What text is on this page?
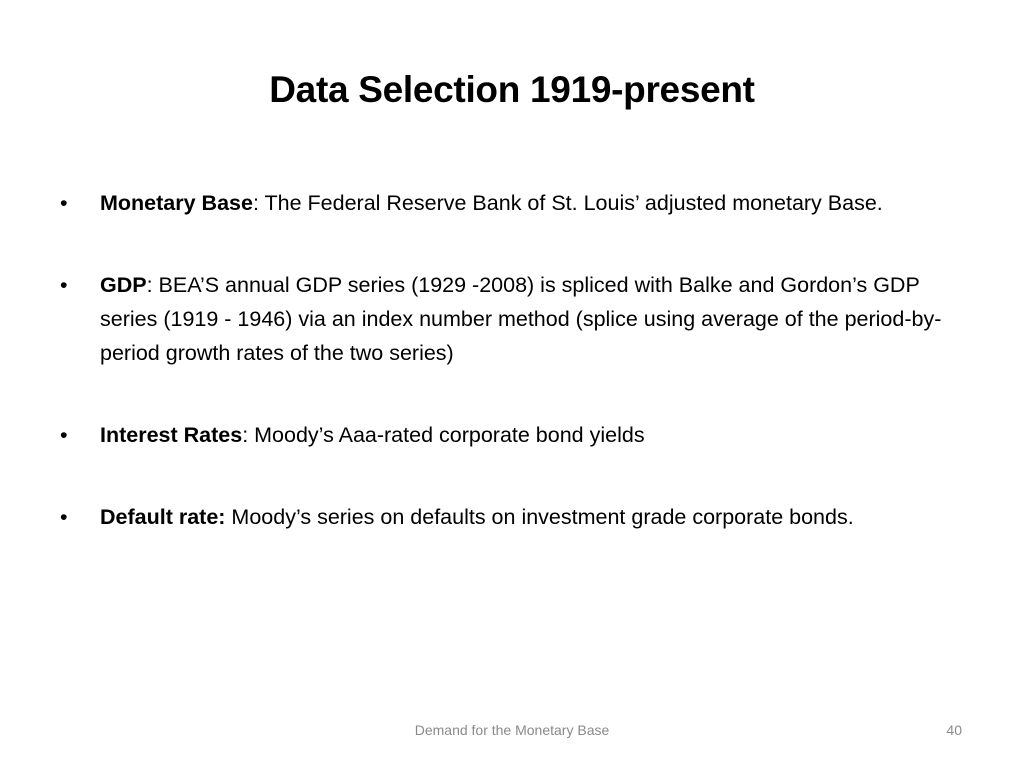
Data Selection 1919-present
•	Monetary Base: The Federal Reserve Bank of St. Louis’ adjusted monetary Base.
•	GDP: BEA’S annual GDP series (1929 -2008) is spliced with Balke and Gordon’s GDP series (1919 - 1946) via an index number method (splice using average of the period-by-period growth rates of the two series)
•	Interest Rates: Moody’s Aaa-rated corporate bond yields
•	Default rate: Moody’s series on defaults on investment grade corporate bonds.
Demand for the Monetary Base	40
